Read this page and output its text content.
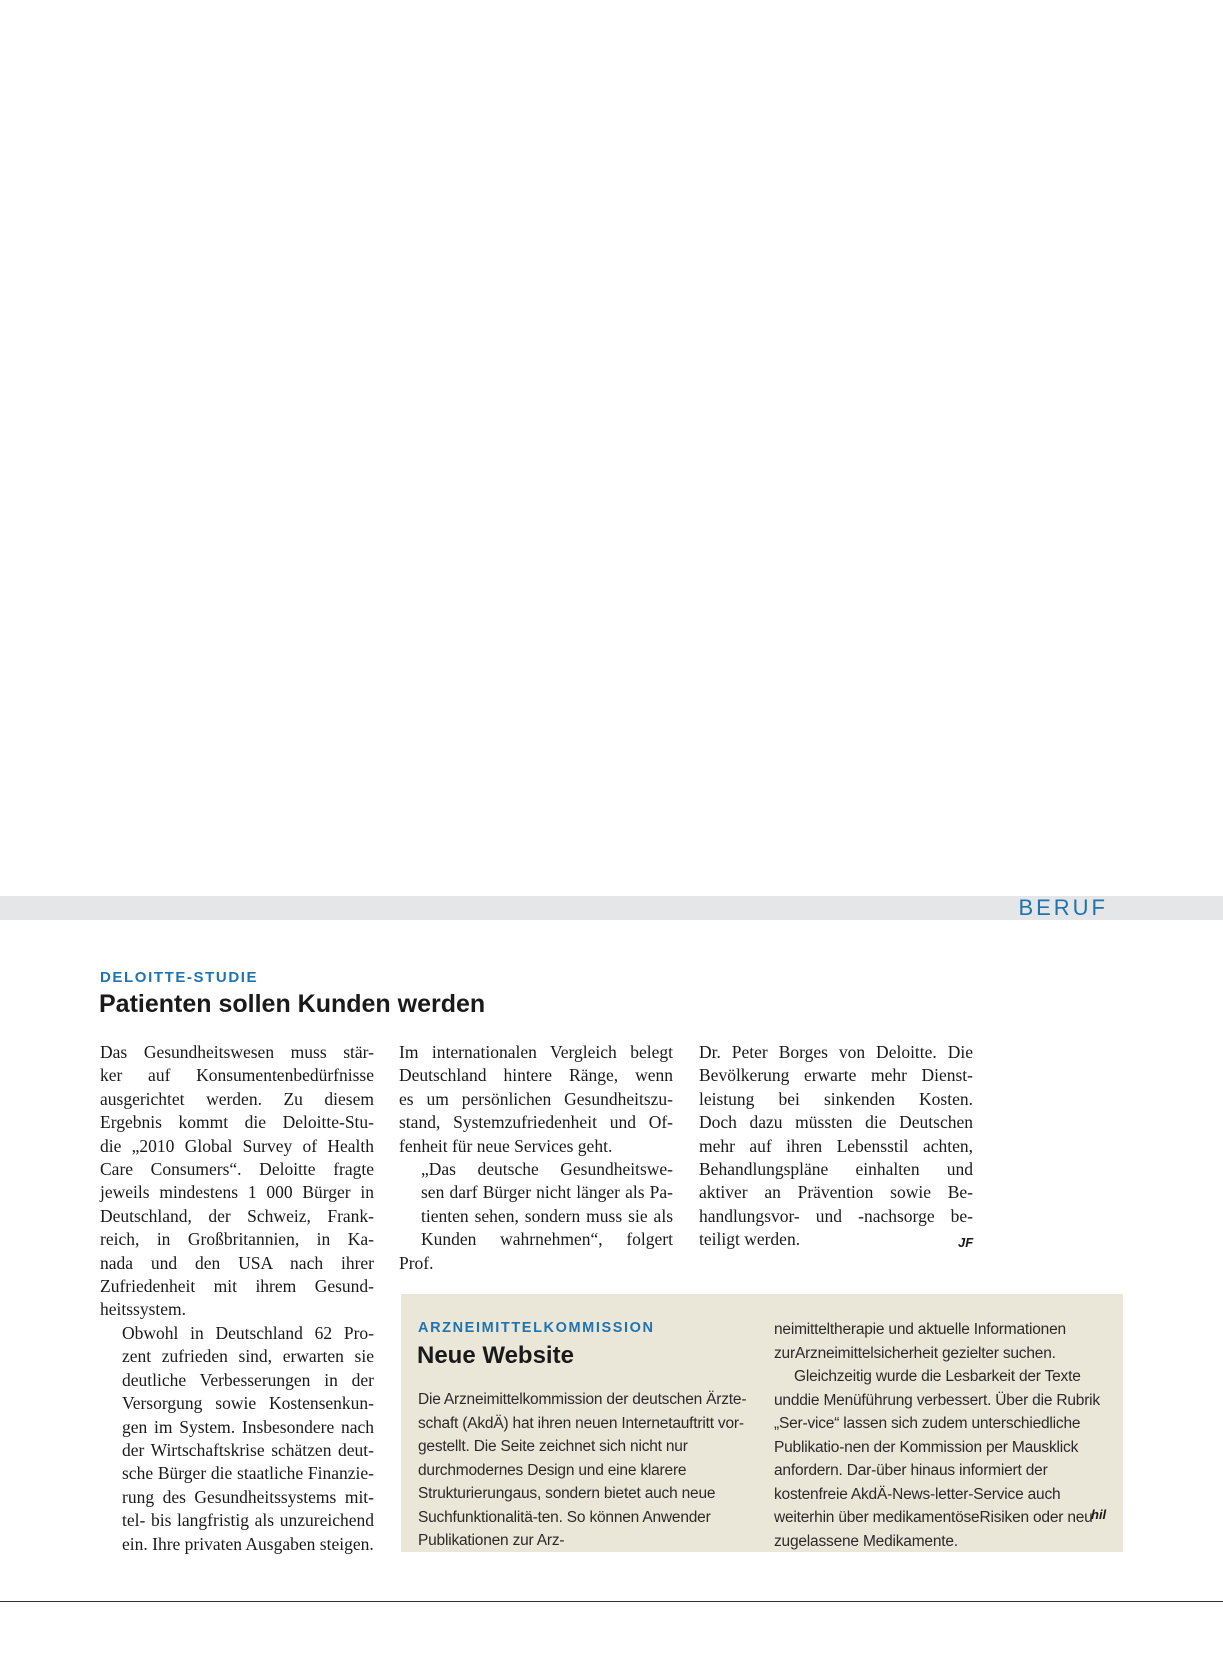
BERUF
DELOITTE-STUDIE
Patienten sollen Kunden werden

Das Gesundheitswesen muss stär-
ker auf Konsumentenbedürfnisse
ausgerichtet werden. Zu diesem
Ergebnis kommt die Deloitte-Stu-
die „2010 Global Survey of Health
Care Consumers“. Deloitte fragte
jeweils mindestens 1 000 Bürger in
Deutschland, der Schweiz, Frank-
reich, in Großbritannien, in Ka-
nada und den USA nach ihrer
Zufriedenheit mit ihrem Gesund-
heitssystem.

Obwohl in Deutschland 62 Pro-
zent zufrieden sind, erwarten sie
deutliche Verbesserungen in der
Versorgung sowie Kostensenkun-
gen im System. Insbesondere nach
der Wirtschaftskrise schätzen deut-
sche Bürger die staatliche Finanzie-
rung des Gesundheitssystems mit-
tel- bis langfristig als unzureichend
ein. Ihre privaten Ausgaben steigen.

Im internationalen Vergleich belegt
Deutschland hintere Ränge, wenn
es um persönlichen Gesundheitszu-
stand, Systemzufriedenheit und Of-
fenheit für neue Services geht.

„Das deutsche Gesundheitswe-
sen darf Bürger nicht länger als Pa-
tienten sehen, sondern muss sie als
Kunden wahrnehmen“, folgert Prof.

Dr. Peter Borges von Deloitte. Die
Bevölkerung erwarte mehr Dienst-
leistung bei sinkenden Kosten.
Doch dazu müssten die Deutschen
mehr auf ihren Lebensstil achten,
Behandlungspläne einhalten und
aktiver an Prävention sowie Be-
handlungsvor- und -nachsorge be-
teiligt werden.	JF
ARZNEIMITTELKOMMISSION
Neue Website

Die Arzneimittelkommission der deutschen Ärzte-schaft (AkdÄ) hat ihren neuen Internetauftritt vor-gestellt. Die Seite zeichnet sich nicht nur durchmodernes Design und eine klarere Strukturierungaus, sondern bietet auch neue Suchfunktionalitä-ten. So können Anwender Publikationen zur Arz-

neimitteltherapie und aktuelle Informationen zurArzneimittelsicherheit gezielter suchen.

Gleichzeitig wurde die Lesbarkeit der Texte unddie Menüführung verbessert. Über die Rubrik „Ser-vice“ lassen sich zudem unterschiedliche Publikatio-nen der Kommission per Mausklick anfordern. Dar-über hinaus informiert der kostenfreie AkdÄ-News-letter-Service auch weiterhin über medikamentöseRisiken oder neu zugelassene Medikamente.

hil
